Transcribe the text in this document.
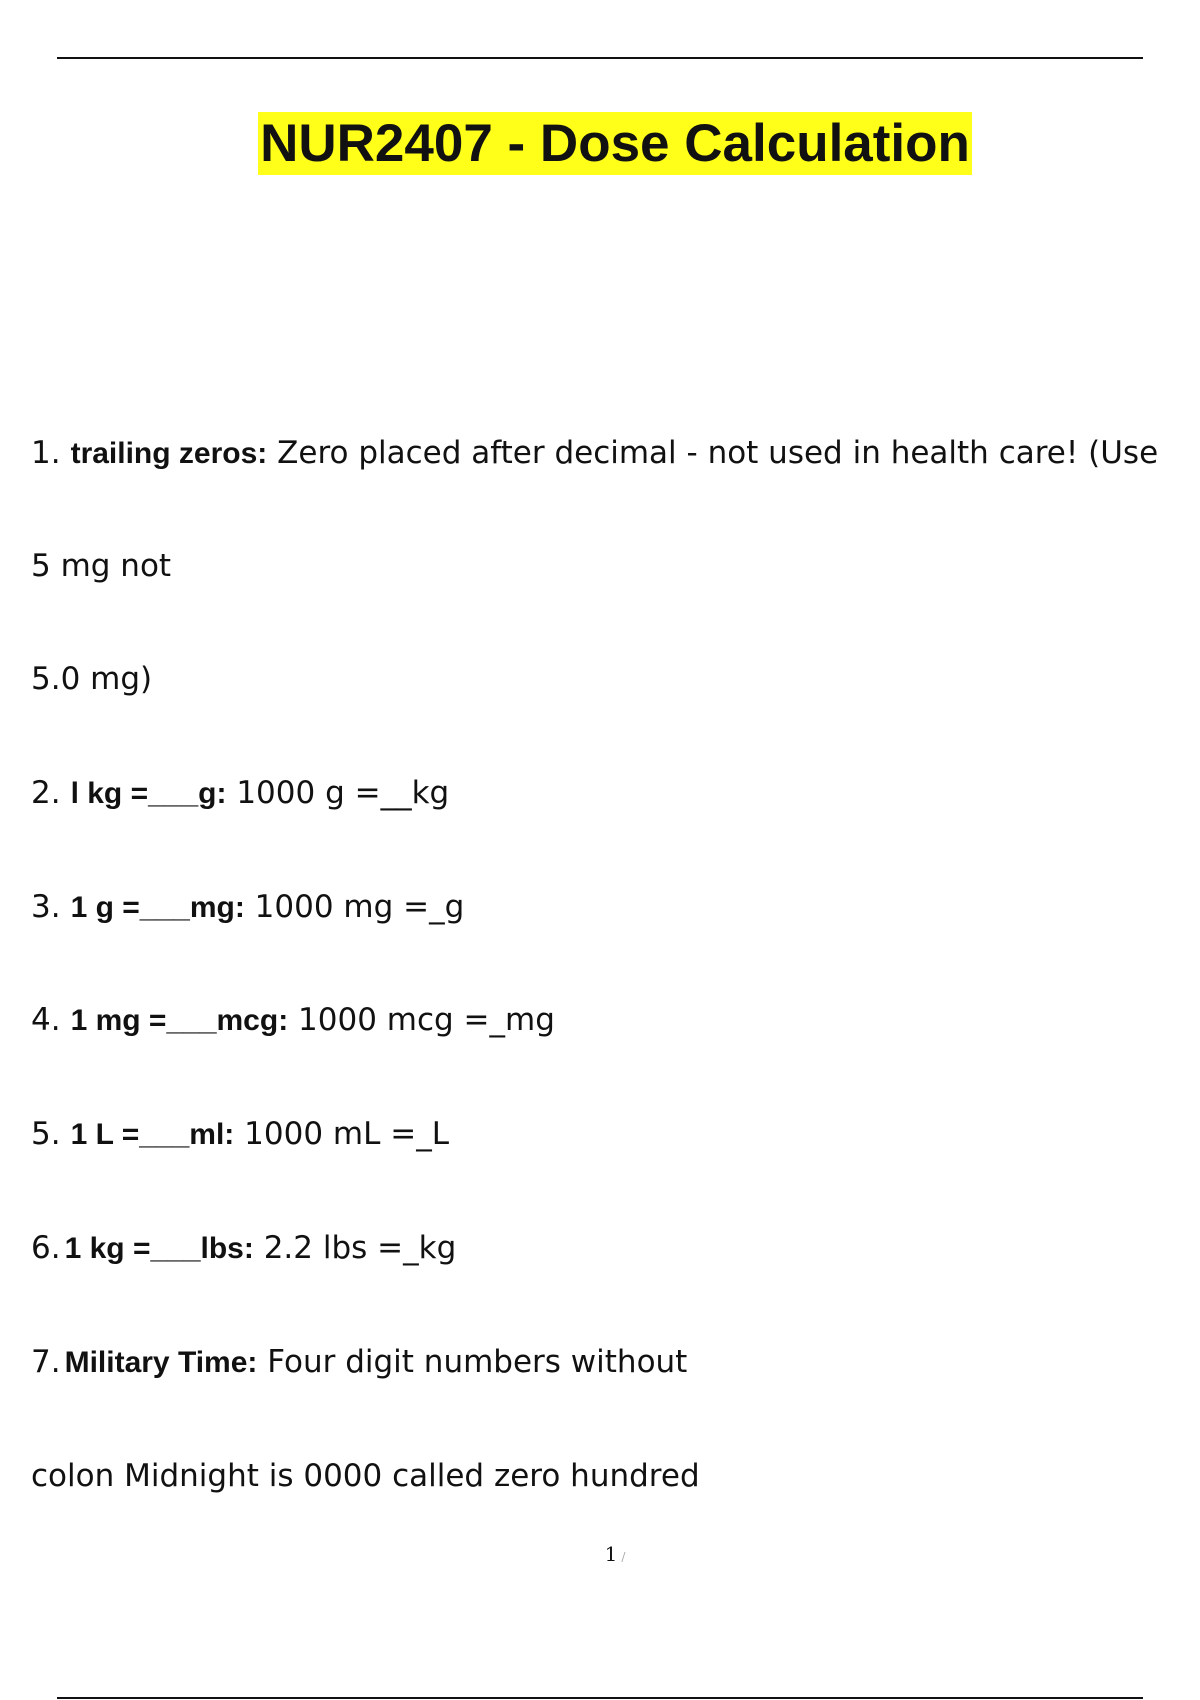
NUR2407 - Dose Calculation
1. trailing zeros: Zero placed after decimal - not used in health care! (Use
5 mg not
5.0 mg)
2. l kg =___g: 1000 g =__kg
3. 1 g =___mg: 1000 mg =_g
4. 1 mg =___mcg: 1000 mcg =_mg
5. 1 L =___ml: 1000 mL =_L
6. 1 kg =___lbs: 2.2 lbs =_kg
7. Military Time: Four digit numbers without
colon Midnight is 0000 called zero hundred
1 /
